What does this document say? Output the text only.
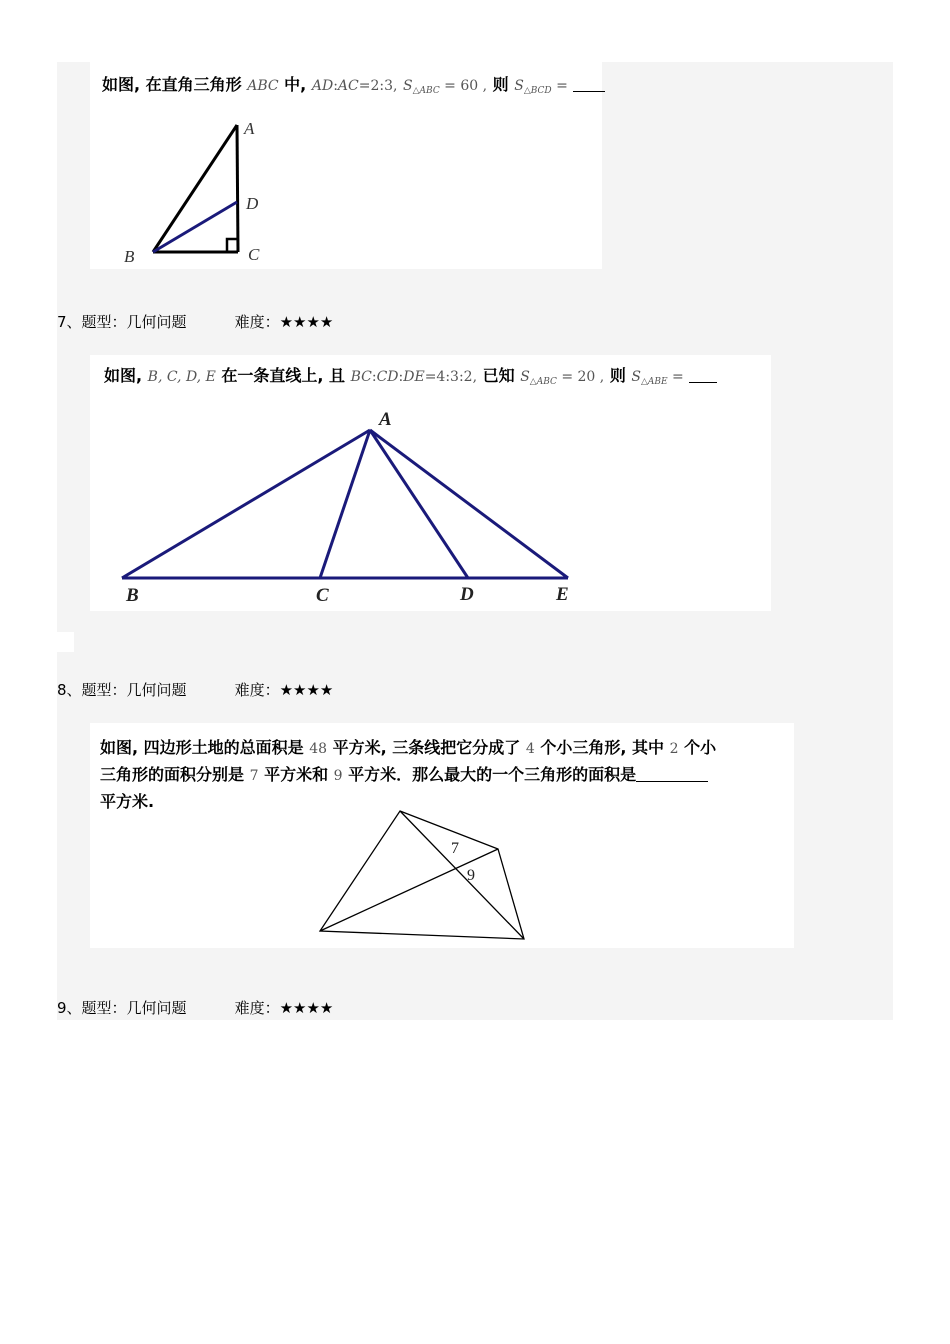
如图, 在直角三角形 ABC 中, AD:AC=2:3, $S_{\triangle ABC} = 60$ , 则 $S_{\triangle BCD}$ =
A
D
B	C
7、题型：几何问题	难度：★★★★
如图, B, C, D, E 在一条直线上, 且 BC:CD:DE=4:3:2, 已知 $S_{\triangle ABC} = 20$ , 则 $S_{\triangle ABE}$ =
A
B	C	D	E
8、题型：几何问题	难度：★★★★
如图, 四边形土地的总面积是 48 平方米, 三条线把它分成了 4 个小三角形, 其中 2 个小
三角形的面积分别是 7 平方米和 9 平方米．那么最大的一个三角形的面积是
平方米.
7
9
9、题型：几何问题	难度：★★★★
